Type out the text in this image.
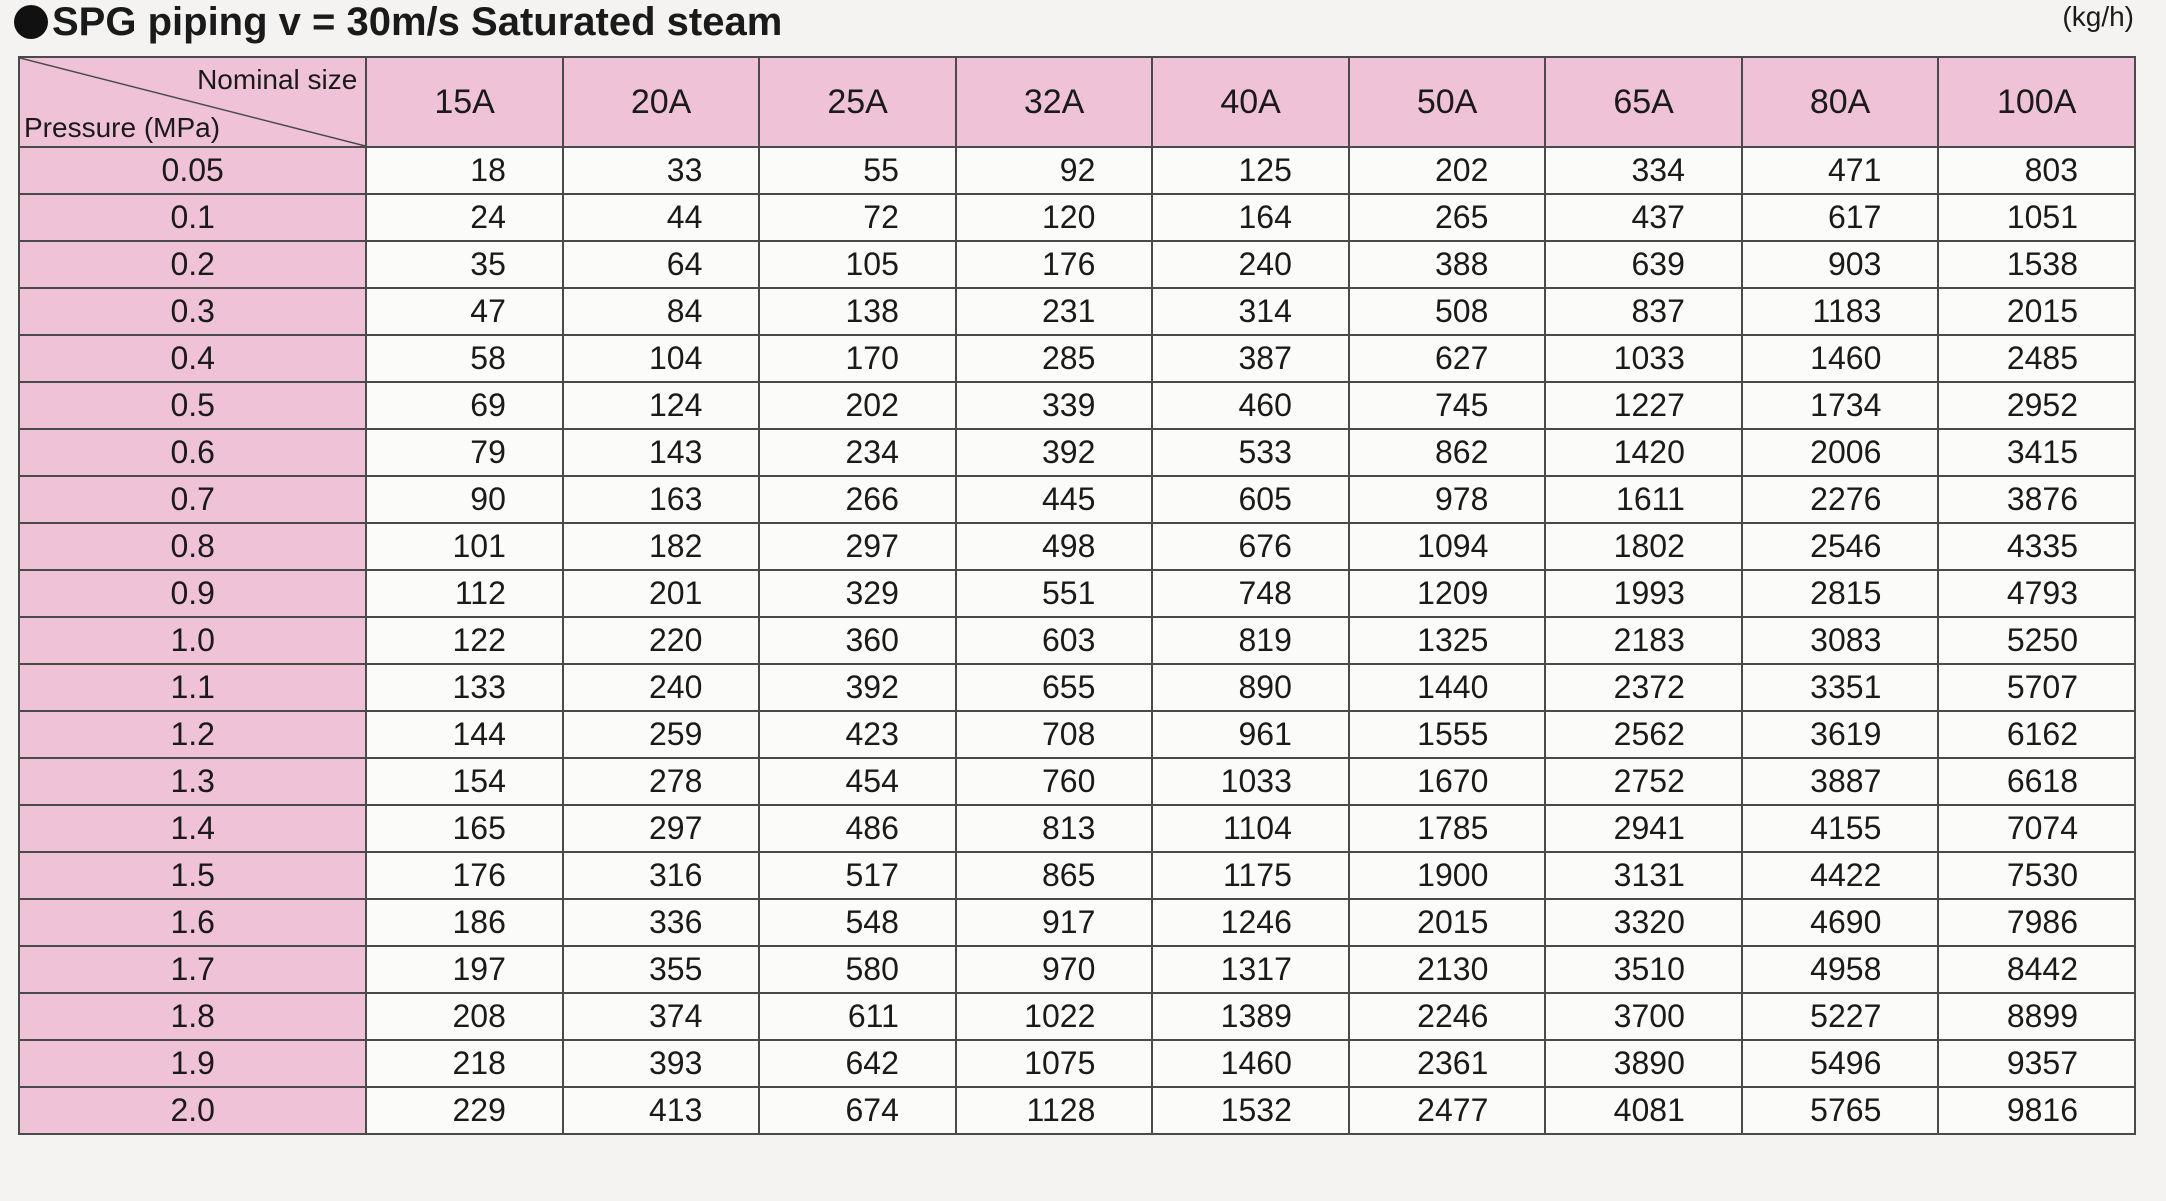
SPG piping v = 30m/s Saturated steam	(kg/h)
Nominal size
Pressure (MPa)	15A	20A	25A	32A	40A	50A	65A	80A	100A
0.05	18	33	55	92	125	202	334	471	803
0.1	24	44	72	120	164	265	437	617	1051
0.2	35	64	105	176	240	388	639	903	1538
0.3	47	84	138	231	314	508	837	1183	2015
0.4	58	104	170	285	387	627	1033	1460	2485
0.5	69	124	202	339	460	745	1227	1734	2952
0.6	79	143	234	392	533	862	1420	2006	3415
0.7	90	163	266	445	605	978	1611	2276	3876
0.8	101	182	297	498	676	1094	1802	2546	4335
0.9	112	201	329	551	748	1209	1993	2815	4793
1.0	122	220	360	603	819	1325	2183	3083	5250
1.1	133	240	392	655	890	1440	2372	3351	5707
1.2	144	259	423	708	961	1555	2562	3619	6162
1.3	154	278	454	760	1033	1670	2752	3887	6618
1.4	165	297	486	813	1104	1785	2941	4155	7074
1.5	176	316	517	865	1175	1900	3131	4422	7530
1.6	186	336	548	917	1246	2015	3320	4690	7986
1.7	197	355	580	970	1317	2130	3510	4958	8442
1.8	208	374	611	1022	1389	2246	3700	5227	8899
1.9	218	393	642	1075	1460	2361	3890	5496	9357
2.0	229	413	674	1128	1532	2477	4081	5765	9816
